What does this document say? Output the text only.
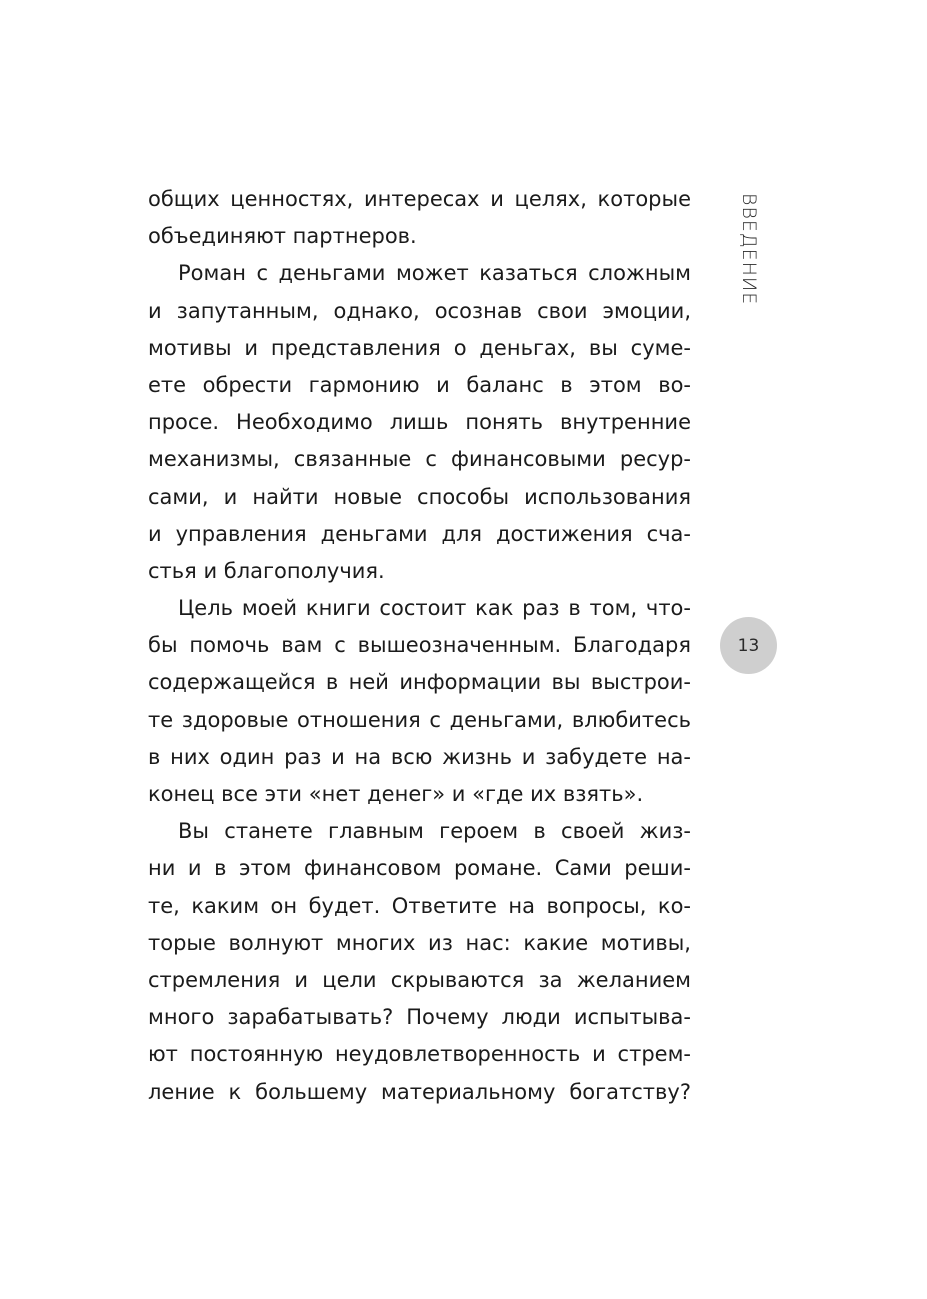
общих ценностях, интересах и целях, которые
объединяют партнеров.
Роман с деньгами может казаться сложным
и запутанным, однако, осознав свои эмоции,
мотивы и представления о деньгах, вы суме-
ете обрести гармонию и баланс в этом во-
просе. Необходимо лишь понять внутренние
механизмы, связанные с финансовыми ресур-
сами, и найти новые способы использования
и управления деньгами для достижения сча-
стья и благополучия.
Цель моей книги состоит как раз в том, что-
бы помочь вам с вышеозначенным. Благодаря
содержащейся в ней информации вы выстрои-
те здоровые отношения с деньгами, влюбитесь
в них один раз и на всю жизнь и забудете на-
конец все эти «нет денег» и «где их взять».
Вы станете главным героем в своей жиз-
ни и в этом финансовом романе. Сами реши-
те, каким он будет. Ответите на вопросы, ко-
торые волнуют многих из нас: какие мотивы,
стремления и цели скрываются за желанием
много зарабатывать? Почему люди испытыва-
ют постоянную неудовлетворенность и стрем-
ление к большему материальному богатству?
ВВЕДЕНИЕ
13
